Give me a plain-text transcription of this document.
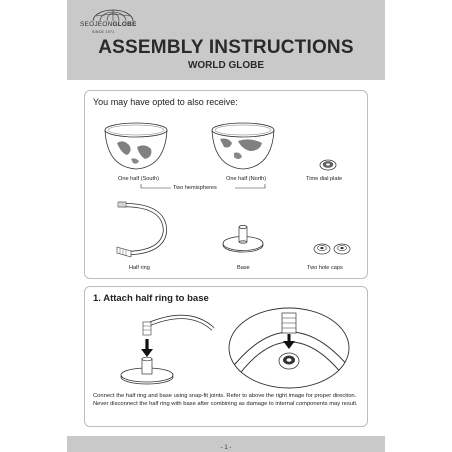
SEOJEONGLOBE
SINCE 1971
ASSEMBLY INSTRUCTIONS
WORLD GLOBE
You may have opted to also receive:
One half (South)	One half (North)
Two hemispheres
Time dial plate
Half ring	Base	Two hole caps
1. Attach half ring to base
Connect the half ring and base using snap-fit joints. Refer to above the right image for proper direction. Never disconnect the half ring with base after combining as damage to internal components may result.
- 1 -
